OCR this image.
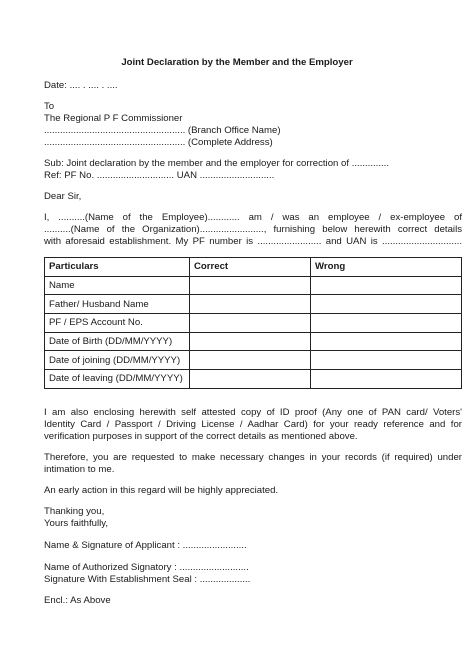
Joint Declaration by the Member and the Employer
Date: .... . .... . ....
To
The Regional P F Commissioner
..................................................... (Branch Office Name)
..................................................... (Complete Address)
Sub: Joint declaration by the member and the employer for correction of ..............
Ref: PF No. ............................. UAN ............................
Dear Sir,
I, ..........(Name of the Employee)............ am / was an employee / ex-employee of
..........(Name of the Organization)........................, furnishing below herewith correct details
with aforesaid establishment. My PF number is ........................ and UAN is ..............................
Particulars	Correct	Wrong
Name		
Father/ Husband Name		
PF / EPS Account No.		
Date of Birth (DD/MM/YYYY)		
Date of joining (DD/MM/YYYY)		
Date of leaving (DD/MM/YYYY)		
I am also enclosing herewith self attested copy of ID proof (Any one of PAN card/ Voters'
Identity Card / Passport / Driving License / Aadhar Card) for your ready reference and for
verification purposes in support of the correct details as mentioned above.
Therefore, you are requested to make necessary changes in your records (if required) under
intimation to me.
An early action in this regard will be highly appreciated.
Thanking you,
Yours faithfully,
Name & Signature of Applicant : ........................
Name of Authorized Signatory : ..........................
Signature With Establishment Seal : ...................
Encl.: As Above
